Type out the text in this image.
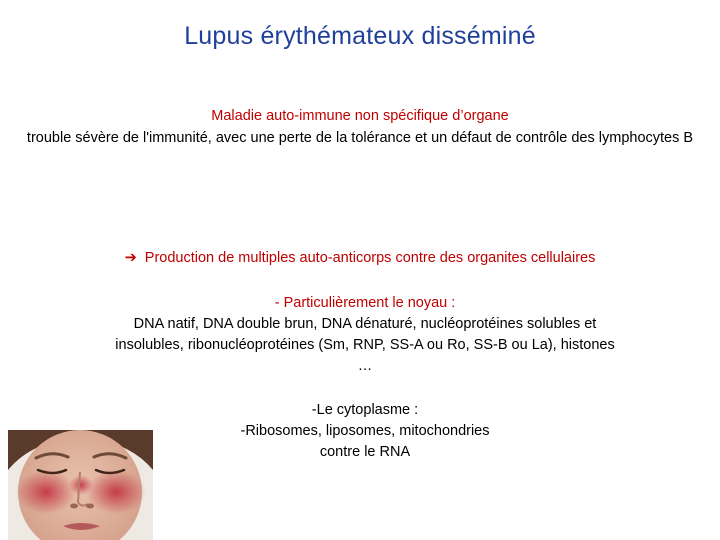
Lupus érythémateux disséminé
Maladie auto-immune non spécifique d’organe
trouble sévère de l'immunité, avec une perte de la tolérance et un défaut de contrôle des lymphocytes B
➔ Production de multiples auto-anticorps contre des organites cellulaires
- Particulièrement le noyau :
DNA natif, DNA double brun, DNA dénaturé, nucléoprotéines solubles et insolubles, ribonucléoprotéines (Sm, RNP, SS-A ou Ro, SS-B ou La), histones …
-Le cytoplasme :
-Ribosomes, liposomes, mitochondries
contre le RNA
